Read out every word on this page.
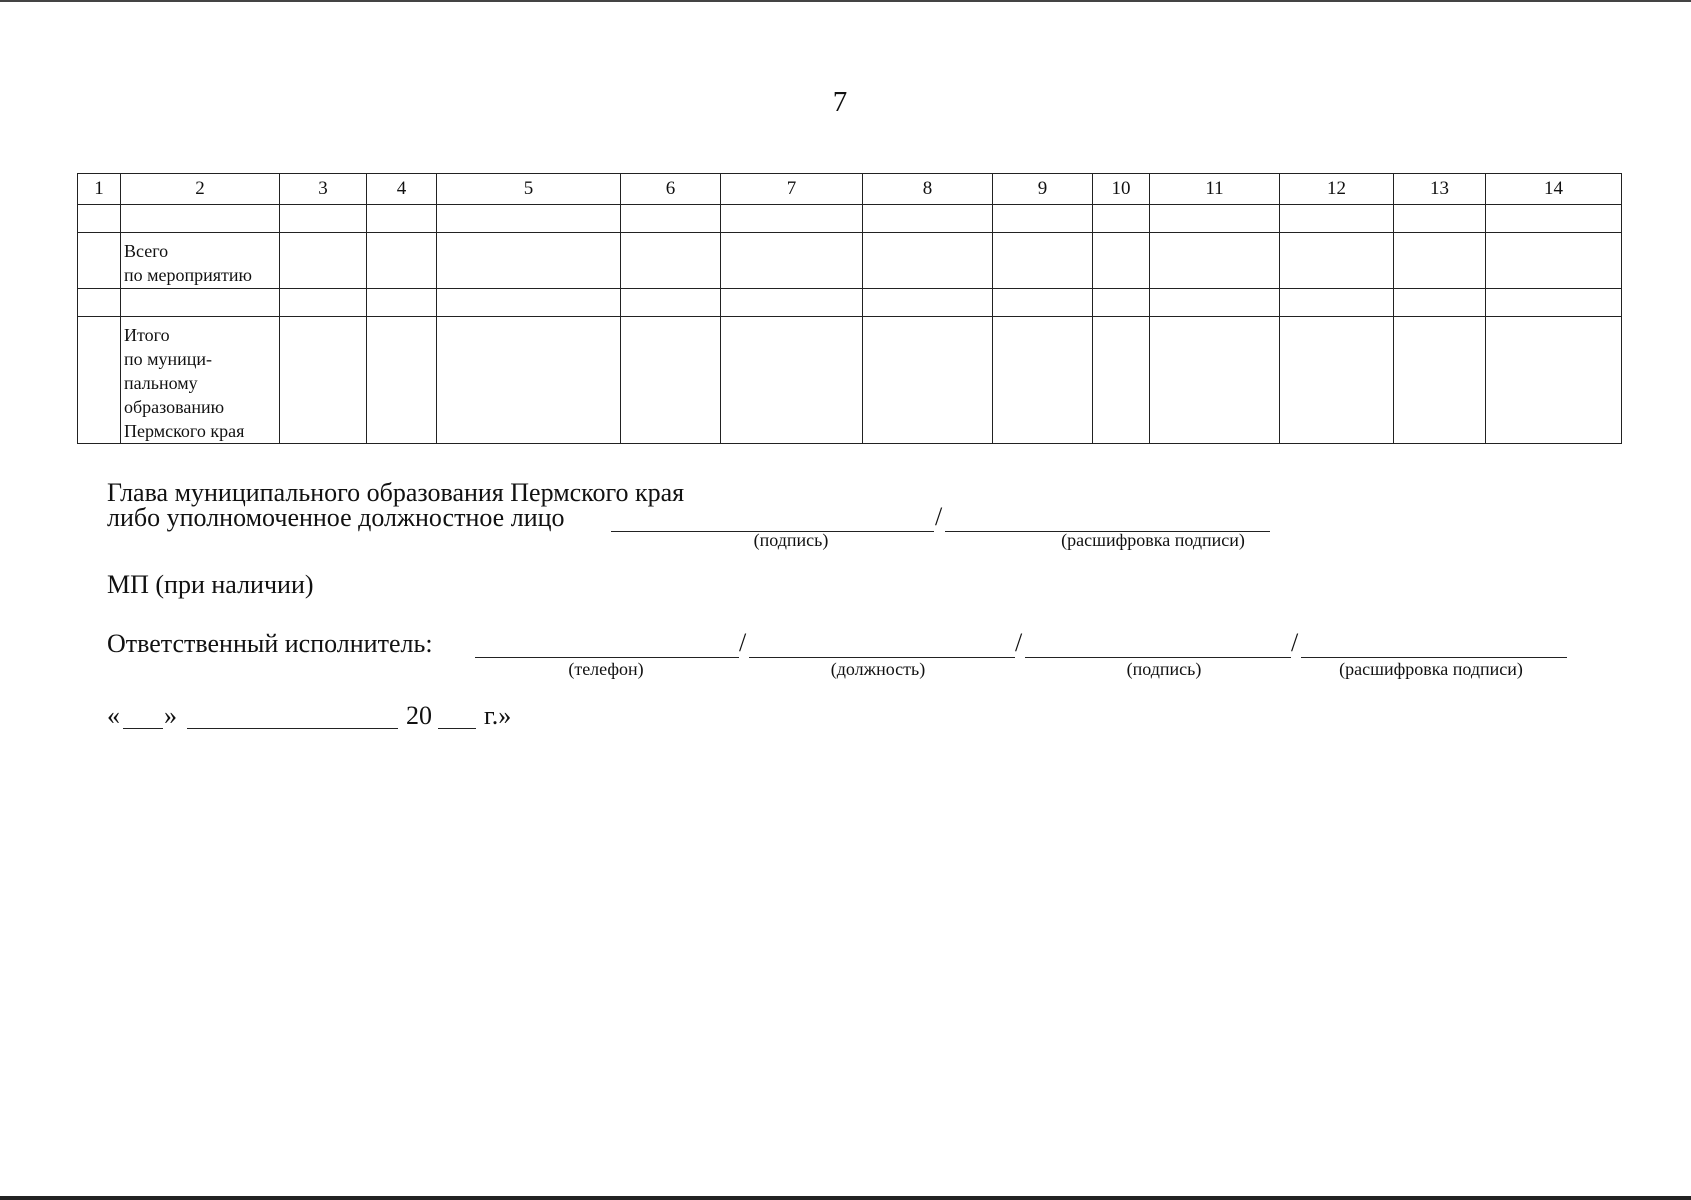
7
1	2	3	4	5	6	7	8	9	10	11	12	13	14

	Всего
по мероприятию												

	Итого
по муници-
пальному
образованию
Пермского края												

Глава муниципального образования Пермского края
либо уполномоченное должностное лицо	/
(подпись)	(расшифровка подписи)
МП (при наличии)
Ответственный исполнитель:	/	/	/
(телефон)	(должность)	(подпись)	(расшифровка подписи)
« »	20 г.»
